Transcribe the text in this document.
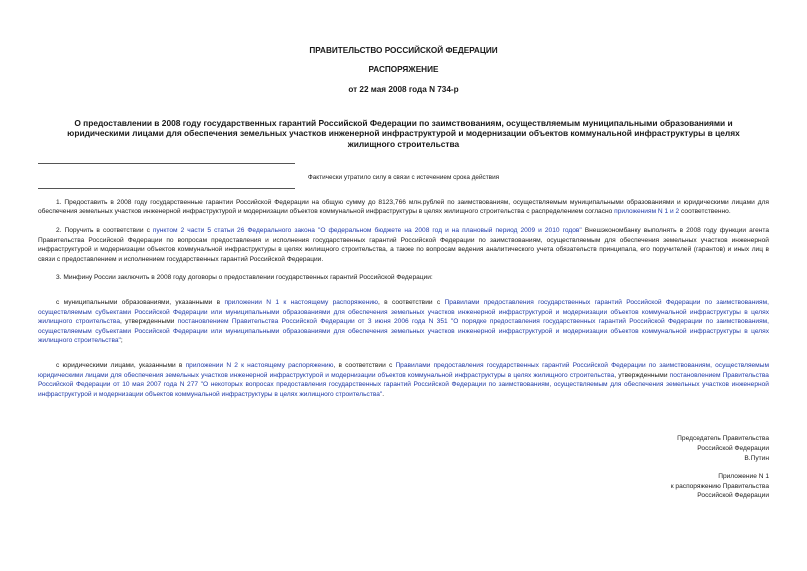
ПРАВИТЕЛЬСТВО РОССИЙСКОЙ ФЕДЕРАЦИИ
РАСПОРЯЖЕНИЕ
от 22 мая 2008 года N 734-р
О предоставлении в 2008 году государственных гарантий Российской Федерации по заимствованиям, осуществляемым муниципальными образованиями и юридическими лицами для обеспечения земельных участков инженерной инфраструктурой и модернизации объектов коммунальной инфраструктуры в целях жилищного строительства
Фактически утратило силу в связи с истечением срока действия

1. Предоставить в 2008 году государственные гарантии Российской Федерации на общую сумму до 8123,766 млн.рублей по заимствованиям, осуществляемым муниципальными образованиями и юридическими лицами для обеспечения земельных участков инженерной инфраструктурой и модернизации объектов коммунальной инфраструктуры в целях жилищного строительства с распределением согласно приложениям N 1 и 2 соответственно.

2. Поручить в соответствии с пунктом 2 части 5 статьи 26 Федерального закона "О федеральном бюджете на 2008 год и на плановый период 2009 и 2010 годов" Внешэкономбанку выполнять в 2008 году функции агента Правительства Российской Федерации по вопросам предоставления и исполнения государственных гарантий Российской Федерации по заимствованиям, осуществляемым для обеспечения земельных участков инженерной инфраструктурой и модернизации объектов коммунальной инфраструктуры в целях жилищного строительства, а также по вопросам ведения аналитического учета обязательств принципала, его поручителей (гарантов) и иных лиц в связи с предоставлением и исполнением государственных гарантий Российской Федерации.

3. Минфину России заключить в 2008 году договоры о предоставлении государственных гарантий Российской Федерации:

с муниципальными образованиями, указанными в приложении N 1 к настоящему распоряжению, в соответствии с Правилами предоставления государственных гарантий Российской Федерации по заимствованиям, осуществляемым субъектами Российской Федерации или муниципальными образованиями для обеспечения земельных участков инженерной инфраструктурой и модернизации объектов коммунальной инфраструктуры в целях жилищного строительства, утвержденными постановлением Правительства Российской Федерации от 3 июня 2006 года N 351 "О порядке предоставления государственных гарантий Российской Федерации по заимствованиям, осуществляемым субъектами Российской Федерации или муниципальными образованиями для обеспечения земельных участков инженерной инфраструктурой и модернизации объектов коммунальной инфраструктуры в целях жилищного строительства";

с юридическими лицами, указанными в приложении N 2 к настоящему распоряжению, в соответствии с Правилами предоставления государственных гарантий Российской Федерации по заимствованиям, осуществляемым юридическими лицами для обеспечения земельных участков инженерной инфраструктурой и модернизации объектов коммунальной инфраструктуры в целях жилищного строительства, утвержденными постановлением Правительства Российской Федерации от 10 мая 2007 года N 277 "О некоторых вопросах предоставления государственных гарантий Российской Федерации по заимствованиям, осуществляемым для обеспечения земельных участков инженерной инфраструктурой и модернизации объектов коммунальной инфраструктуры в целях жилищного строительства".

Председатель Правительства
Российской Федерации
В.Путин
Приложение N 1
к распоряжению Правительства
Российской Федерации
